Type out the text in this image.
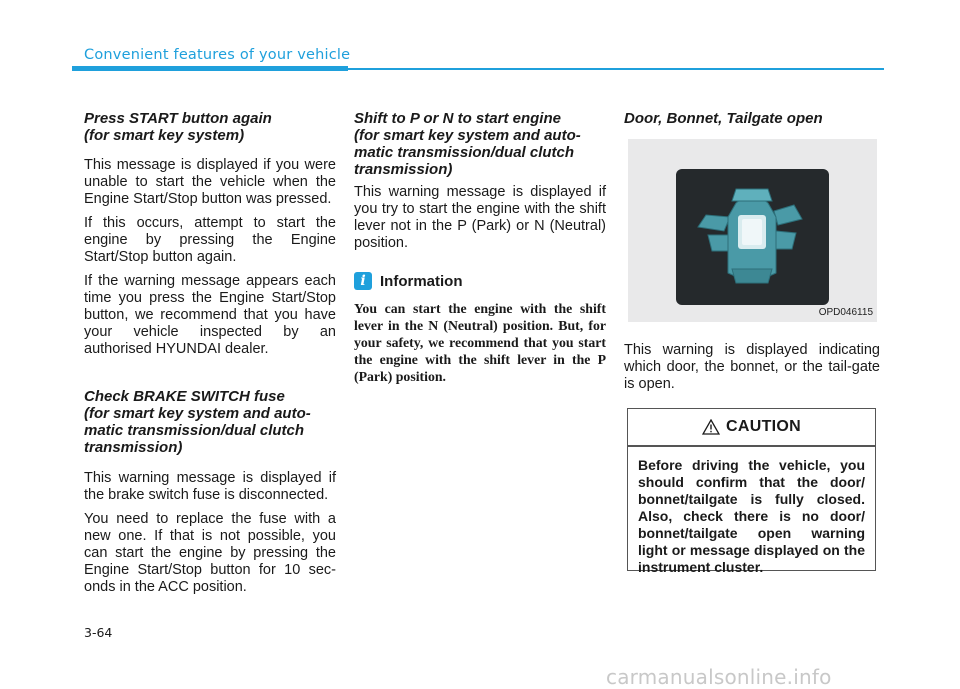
Convenient features of your vehicle
Press START button again
(for smart key system)

This message is displayed if you were unable to start the vehicle when the Engine Start/Stop button was pressed.

If this occurs, attempt to start the engine by pressing the Engine Start/Stop button again.

If the warning message appears each time you press the Engine Start/Stop button, we recommend that you have your vehicle inspected by an authorised HYUNDAI dealer.

Check BRAKE SWITCH fuse
(for smart key system and auto-
matic transmission/dual clutch
transmission)

This warning message is displayed if the brake switch fuse is disconnected.

You need to replace the fuse with a new one. If that is not possible, you can start the engine by pressing the Engine Start/Stop button for 10 sec-onds in the ACC position.

Shift to P or N to start engine
(for smart key system and auto-
matic transmission/dual clutch
transmission)

This warning message is displayed if you try to start the engine with the shift lever not in the P (Park) or N (Neutral) position.

i Information

You can start the engine with the shift lever in the N (Neutral) position. But, for your safety, we recommend that you start the engine with the shift lever in the P (Park) position.

Door, Bonnet, Tailgate open
OPD046115

This warning is displayed indicating which door, the bonnet, or the tail-gate is open.

CAUTION

Before driving the vehicle, you should confirm that the door/ bonnet/tailgate is fully closed. Also, check there is no door/ bonnet/tailgate open warning light or message displayed on the instrument cluster.

3-64
carmanualsonline.info
